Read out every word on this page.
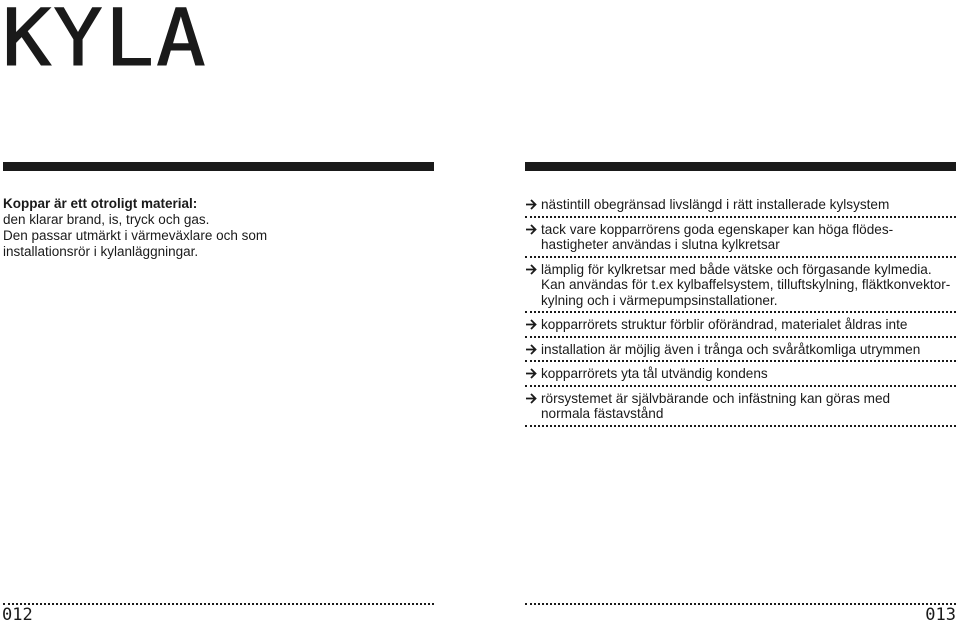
KYLA
Koppar är ett otroligt material:
den klarar brand, is, tryck och gas.
Den passar utmärkt i värmeväxlare och som
installationsrör i kylanläggningar.
nästintill obegränsad livslängd i rätt installerade kylsystem
tack vare kopparrörens goda egenskaper kan höga flödes-
hastigheter användas i slutna kylkretsar
lämplig för kylkretsar med både vätske och förgasande kylmedia.
Kan användas för t.ex kylbaffelsystem, tilluftskylning, fläktkonvektor-
kylning och i värmepumpsinstallationer.
kopparrörets struktur förblir oförändrad, materialet åldras inte
installation är möjlig även i trånga och svåråtkomliga utrymmen
kopparrörets yta tål utvändig kondens
rörsystemet är självbärande och infästning kan göras med
normala fästavstånd
012	013
